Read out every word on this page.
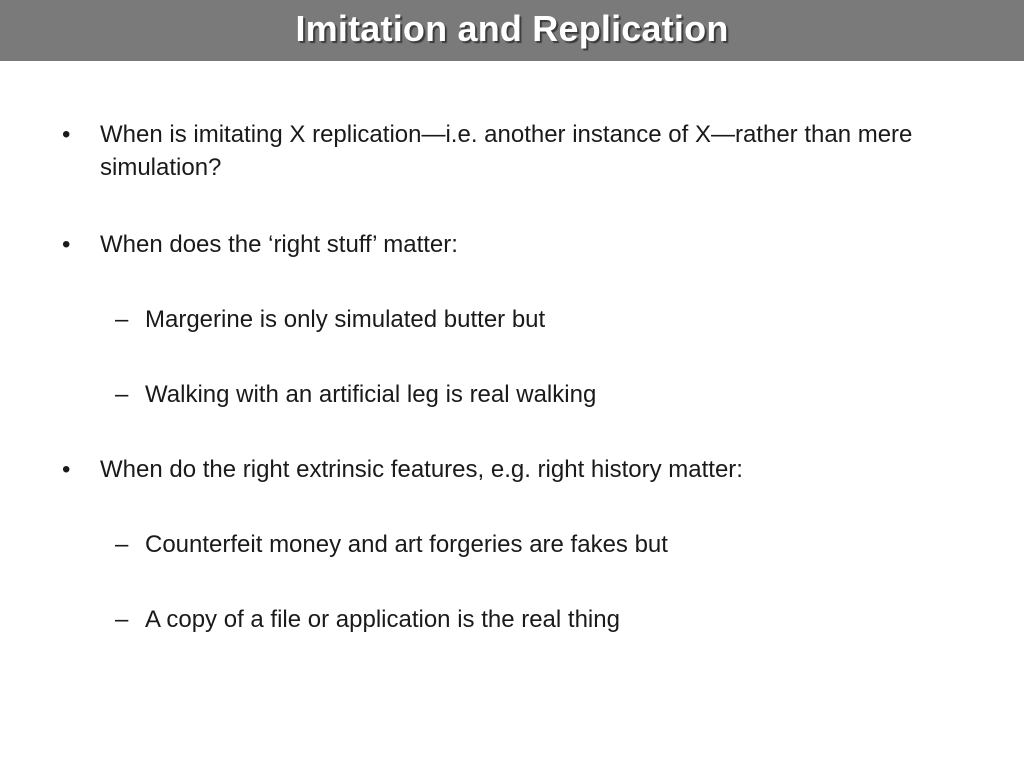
Imitation and Replication
• When is imitating X replication—i.e. another instance of X—rather than mere simulation?
• When does the ‘right stuff’ matter:
– Margerine is only simulated butter but
– Walking with an artificial leg is real walking
• When do the right extrinsic features, e.g. right history matter:
– Counterfeit money and art forgeries are fakes but
– A copy of a file or application is the real thing
